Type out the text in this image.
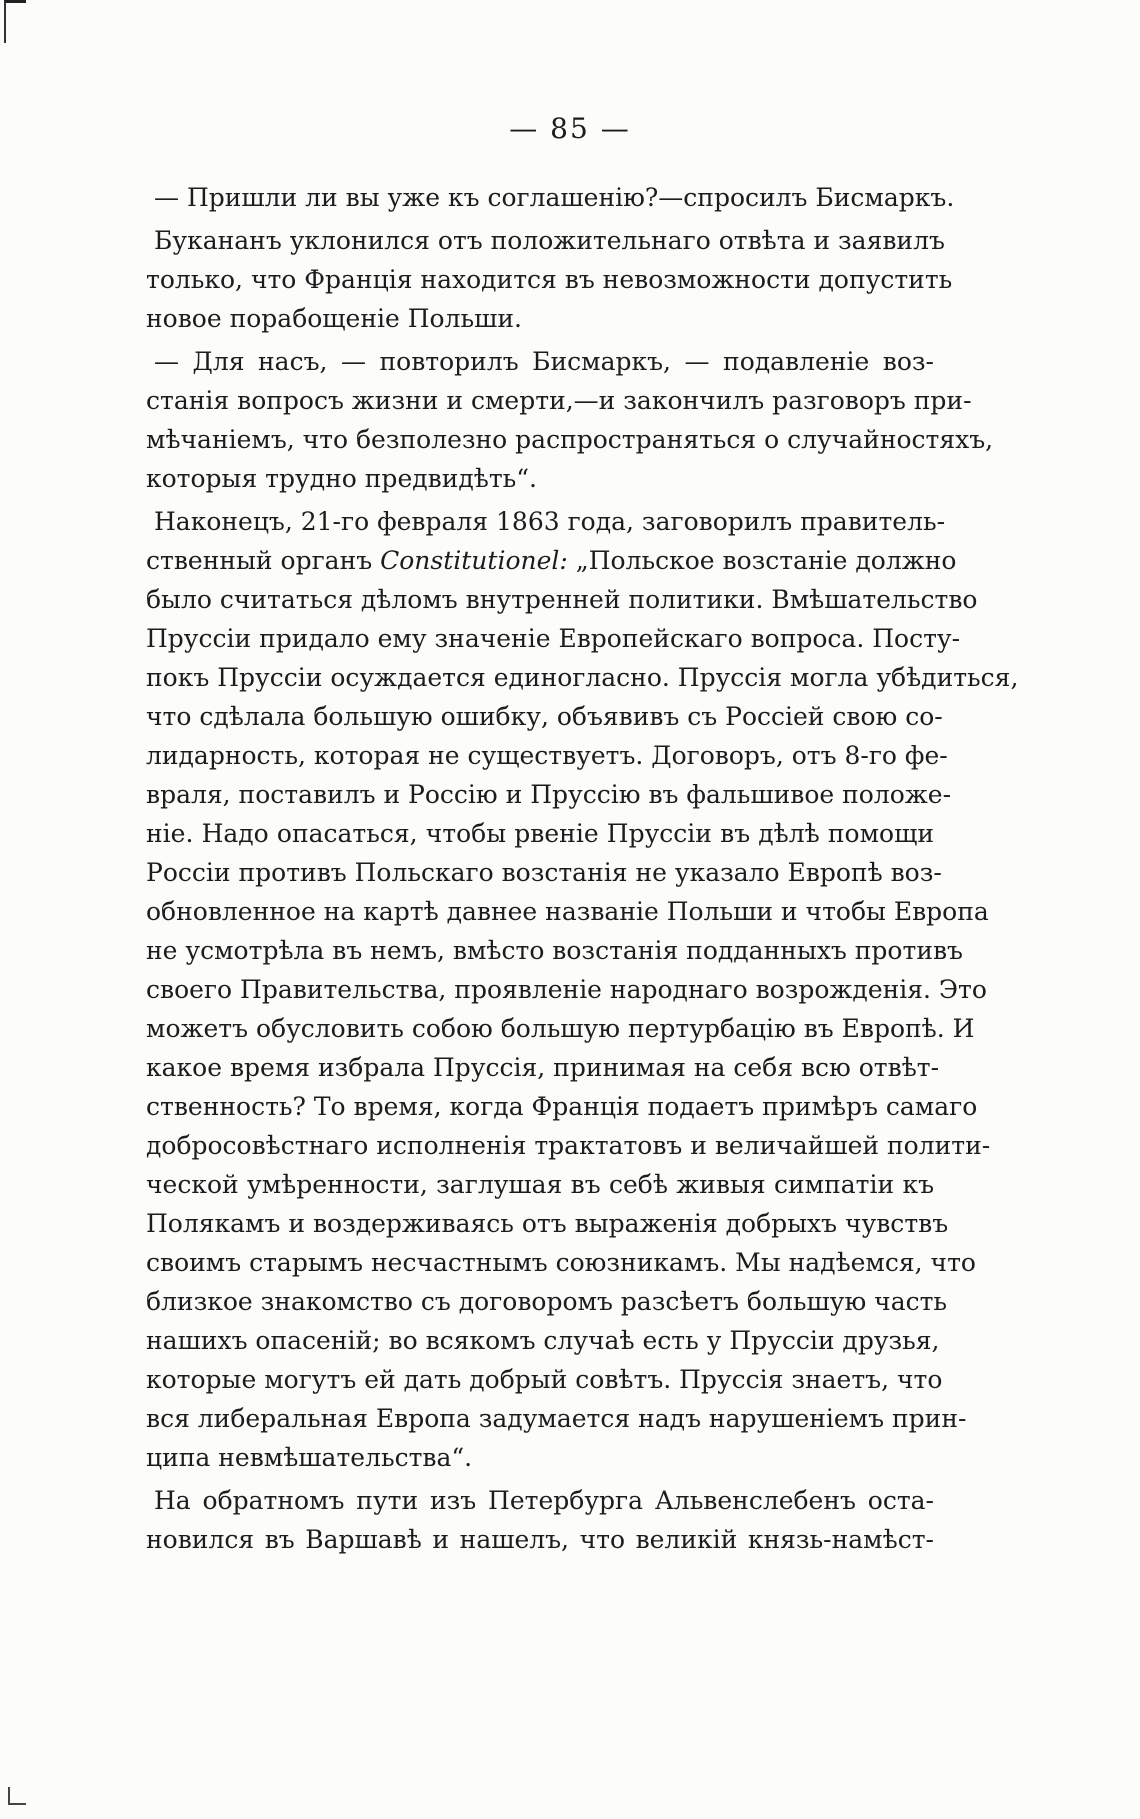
— 85 —

— Пришли ли вы уже къ соглашенію?—спросилъ Бисмаркъ.

Букананъ уклонился отъ положительнаго отвѣта и заявилъ
только, что Франція находится въ невозможности допустить
новое порабощеніе Польши.

— Для насъ, — повторилъ Бисмаркъ, — подавленіе воз-
станія вопросъ жизни и смерти,—и закончилъ разговоръ при-
мѣчаніемъ, что безполезно распространяться о случайностяхъ,
которыя трудно предвидѣть“.

Наконецъ, 21-го февраля 1863 года, заговорилъ правитель-
ственный органъ Constitutionel: „Польское возстаніе должно
было считаться дѣломъ внутренней политики. Вмѣшательство
Пруссіи придало ему значеніе Европейскаго вопроса. Посту-
покъ Пруссіи осуждается единогласно. Пруссія могла убѣдиться,
что сдѣлала большую ошибку, объявивъ съ Россіей свою со-
лидарность, которая не существуетъ. Договоръ, отъ 8-го фе-
враля, поставилъ и Россію и Пруссію въ фальшивое положе-
ніе. Надо опасаться, чтобы рвеніе Пруссіи въ дѣлѣ помощи
Россіи противъ Польскаго возстанія не указало Европѣ воз-
обновленное на картѣ давнее названіе Польши и чтобы Европа
не усмотрѣла въ немъ, вмѣсто возстанія подданныхъ противъ
своего Правительства, проявленіе народнаго возрожденія. Это
можетъ обусловить собою большую пертурбацію въ Европѣ. И
какое время избрала Пруссія, принимая на себя всю отвѣт-
ственность? То время, когда Франція подаетъ примѣръ самаго
добросовѣстнаго исполненія трактатовъ и величайшей полити-
ческой умѣренности, заглушая въ себѣ живыя симпатіи къ
Полякамъ и воздерживаясь отъ выраженія добрыхъ чувствъ
своимъ старымъ несчастнымъ союзникамъ. Мы надѣемся, что
близкое знакомство съ договоромъ разсѣетъ большую часть
нашихъ опасеній; во всякомъ случаѣ есть у Пруссіи друзья,
которые могутъ ей дать добрый совѣтъ. Пруссія знаетъ, что
вся либеральная Европа задумается надъ нарушеніемъ прин-
ципа невмѣшательства“.

На обратномъ пути изъ Петербурга Альвенслебенъ оста-
новился въ Варшавѣ и нашелъ, что великій князь-намѣст-
